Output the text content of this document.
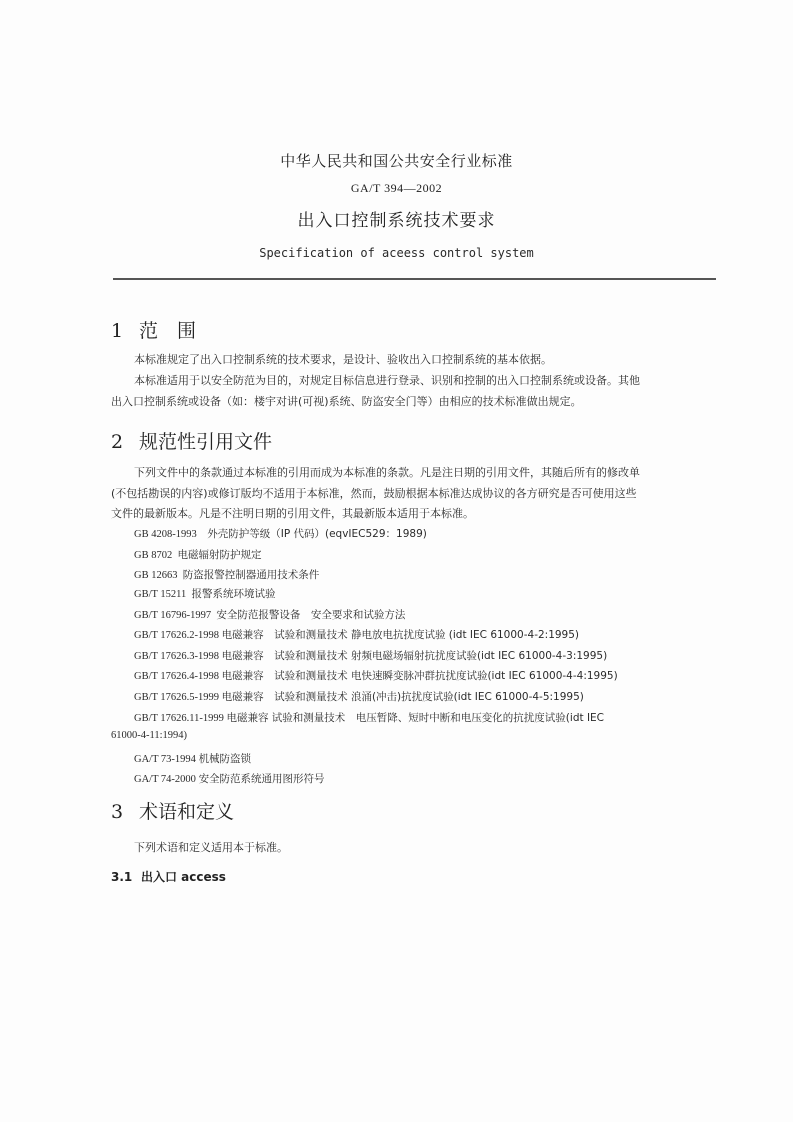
中华人民共和国公共安全行业标准
GA/T 394—2002
出入口控制系统技术要求
Specification of aceess control system
1 范　围
本标准规定了出入口控制系统的技术要求，是设计、验收出入口控制系统的基本依据。
本标准适用于以安全防范为目的，对规定目标信息进行登录、识别和控制的出入口控制系统或设备。其他
出入口控制系统或设备（如：楼宇对讲(可视)系统、防盗安全门等）由相应的技术标准做出规定。
2 规范性引用文件
下列文件中的条款通过本标准的引用而成为本标准的条款。凡是注日期的引用文件，其随后所有的修改单
(不包括勘误的内容)或修订版均不适用于本标准，然而，鼓励根据本标准达成协议的各方研究是否可使用这些
文件的最新版本。凡是不注明日期的引用文件，其最新版本适用于本标准。
GB 4208-1993 外壳防护等级（IP 代码）(eqvIEC529：1989)
GB 8702 电磁辐射防护规定
GB 12663 防盗报警控制器通用技术条件
GB/T 15211 报警系统环境试验
GB/T 16796-1997 安全防范报警设备　安全要求和试验方法
GB/T 17626.2-1998 电磁兼容　试验和测量技术 静电放电抗扰度试验 (idt IEC 61000-4-2:1995)
GB/T 17626.3-1998 电磁兼容　试验和测量技术 射频电磁场辐射抗扰度试验(idt IEC 61000-4-3:1995)
GB/T 17626.4-1998 电磁兼容　试验和测量技术 电快速瞬变脉冲群抗扰度试验(idt IEC 61000-4-4:1995)
GB/T 17626.5-1999 电磁兼容　试验和测量技术 浪涌(冲击)抗扰度试验(idt IEC 61000-4-5:1995)
GB/T 17626.11-1999 电磁兼容 试验和测量技术　电压暂降、短时中断和电压变化的抗扰度试验(idt IEC
61000-4-11:1994)
GA/T 73-1994 机械防盗锁
GA/T 74-2000 安全防范系统通用图形符号
3 术语和定义
下列术语和定义适用本于标准。
3.1 出入口 access
